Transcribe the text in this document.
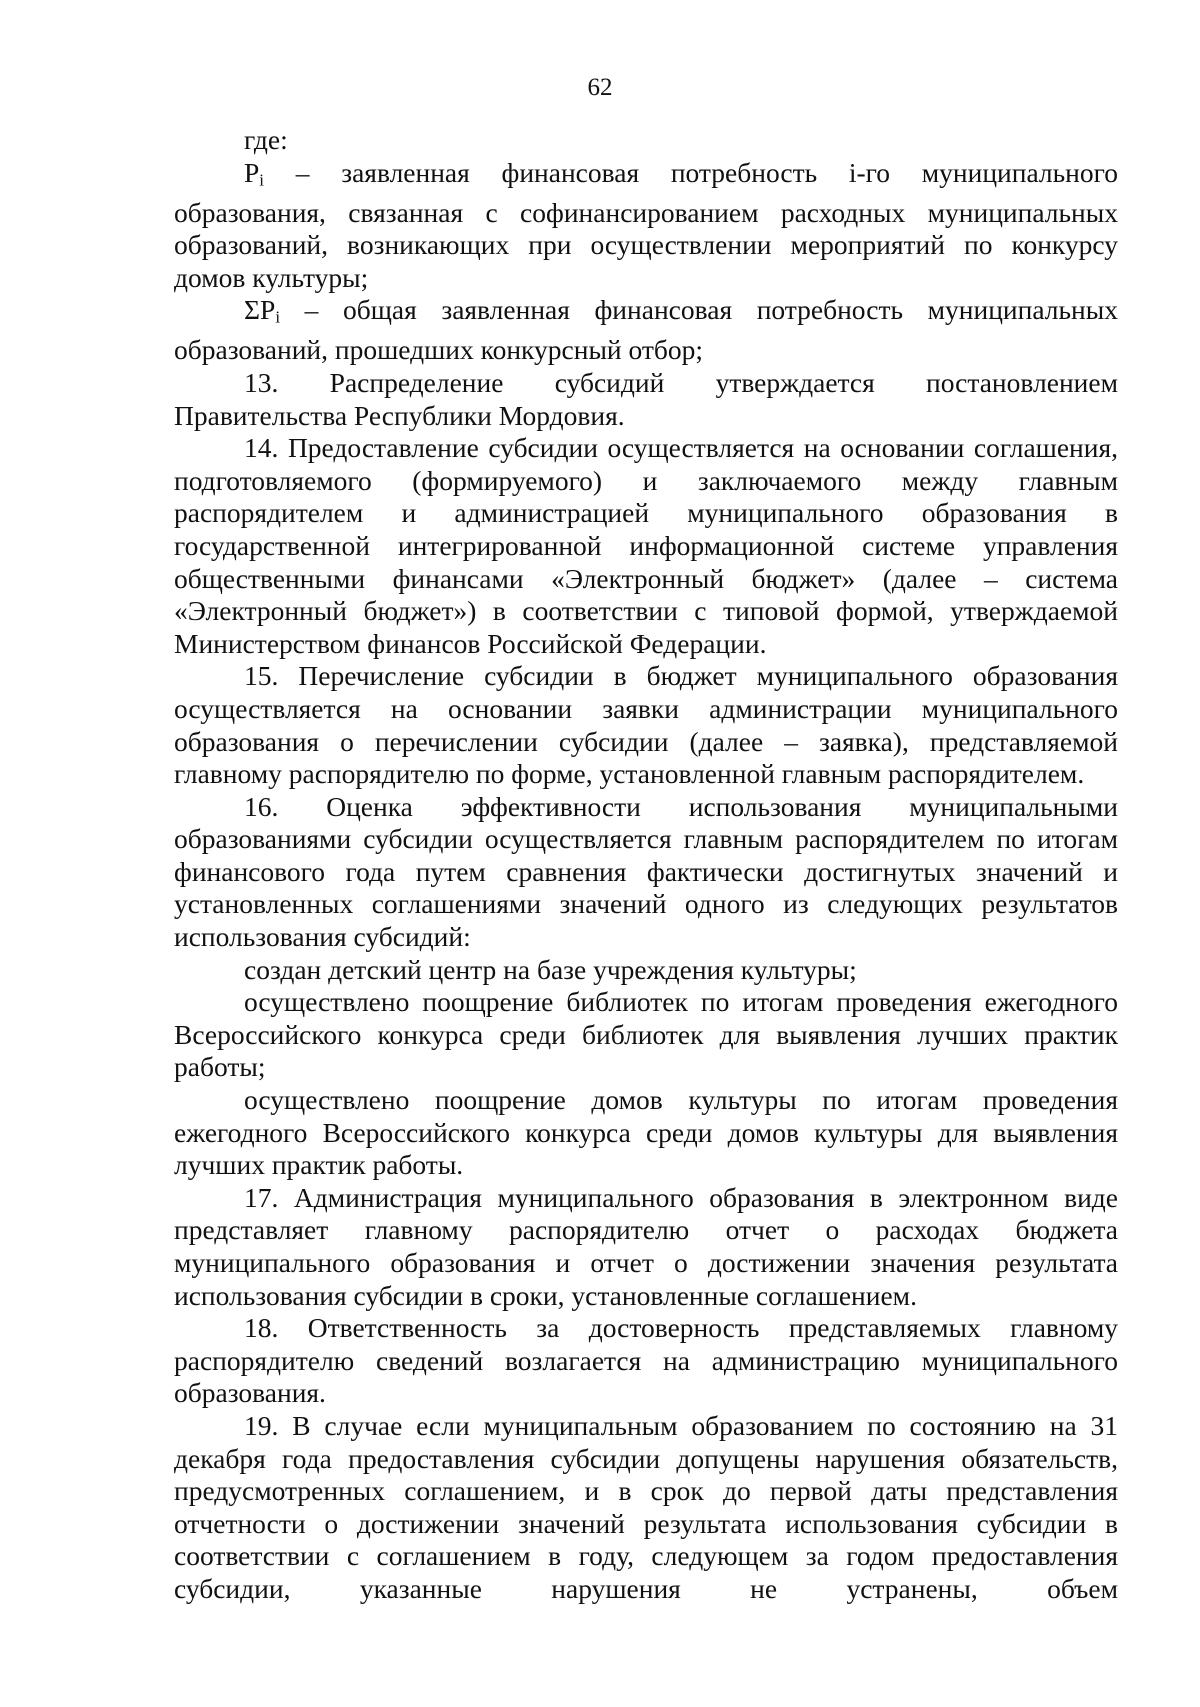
62

где:

$P_i$ – заявленная финансовая потребность i-го муниципального образования, связанная с софинансированием расходных муниципальных образований, возникающих при осуществлении мероприятий по конкурсу домов культуры;

$\Sigma P_i$ – общая заявленная финансовая потребность муниципальных образований, прошедших конкурсный отбор;

13. Распределение субсидий утверждается постановлением Правительства Республики Мордовия.

14. Предоставление субсидии осуществляется на основании соглашения, подготовляемого (формируемого) и заключаемого между главным распорядителем и администрацией муниципального образования в государственной интегрированной информационной системе управления общественными финансами «Электронный бюджет» (далее – система «Электронный бюджет») в соответствии с типовой формой, утверждаемой Министерством финансов Российской Федерации.

15. Перечисление субсидии в бюджет муниципального образования осуществляется на основании заявки администрации муниципального образования о перечислении субсидии (далее – заявка), представляемой главному распорядителю по форме, установленной главным распорядителем.

16. Оценка эффективности использования муниципальными образованиями субсидии осуществляется главным распорядителем по итогам финансового года путем сравнения фактически достигнутых значений и установленных соглашениями значений одного из следующих результатов использования субсидий:

создан детский центр на базе учреждения культуры;

осуществлено поощрение библиотек по итогам проведения ежегодного Всероссийского конкурса среди библиотек для выявления лучших практик работы;

осуществлено поощрение домов культуры по итогам проведения ежегодного Всероссийского конкурса среди домов культуры для выявления лучших практик работы.

17. Администрация муниципального образования в электронном виде представляет главному распорядителю отчет о расходах бюджета муниципального образования и отчет о достижении значения результата использования субсидии в сроки, установленные соглашением.

18. Ответственность за достоверность представляемых главному распорядителю сведений возлагается на администрацию муниципального образования.

19. В случае если муниципальным образованием по состоянию на 31 декабря года предоставления субсидии допущены нарушения обязательств, предусмотренных соглашением, и в срок до первой даты представления отчетности о достижении значений результата использования субсидии в соответствии с соглашением в году, следующем за годом предоставления субсидии, указанные нарушения не устранены, объем
